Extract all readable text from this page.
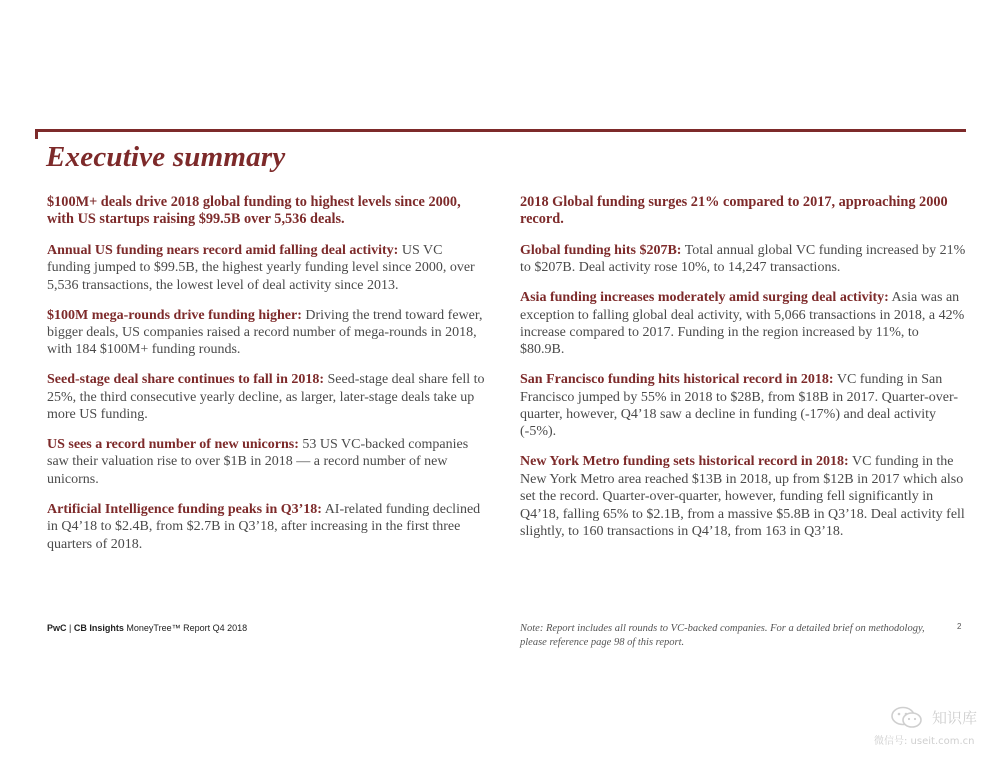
Executive summary

$100M+ deals drive 2018 global funding to highest levels since 2000, with US startups raising $99.5B over 5,536 deals.

Annual US funding nears record amid falling deal activity: US VC funding jumped to $99.5B, the highest yearly funding level since 2000, over 5,536 transactions, the lowest level of deal activity since 2013.

$100M mega-rounds drive funding higher: Driving the trend toward fewer, bigger deals, US companies raised a record number of mega-rounds in 2018, with 184 $100M+ funding rounds.

Seed-stage deal share continues to fall in 2018: Seed-stage deal share fell to 25%, the third consecutive yearly decline, as larger, later-stage deals take up more US funding.

US sees a record number of new unicorns: 53 US VC-backed companies saw their valuation rise to over $1B in 2018 — a record number of new unicorns.

Artificial Intelligence funding peaks in Q3’18: AI-related funding declined in Q4’18 to $2.4B, from $2.7B in Q3’18, after increasing in the first three quarters of 2018.

2018 Global funding surges 21% compared to 2017, approaching 2000 record.

Global funding hits $207B: Total annual global VC funding increased by 21% to $207B. Deal activity rose 10%, to 14,247 transactions.

Asia funding increases moderately amid surging deal activity: Asia was an exception to falling global deal activity, with 5,066 transactions in 2018, a 42% increase compared to 2017. Funding in the region increased by 11%, to $80.9B.

San Francisco funding hits historical record in 2018: VC funding in San Francisco jumped by 55% in 2018 to $28B, from $18B in 2017. Quarter-over-quarter, however, Q4’18 saw a decline in funding (-17%) and deal activity (-5%).

New York Metro funding sets historical record in 2018: VC funding in the New York Metro area reached $13B in 2018, up from $12B in 2017 which also set the record. Quarter-over-quarter, however, funding fell significantly in Q4’18, falling 65% to $2.1B, from a massive $5.8B in Q3’18. Deal activity fell slightly, to 160 transactions in Q4’18, from 163 in Q3’18.

PwC | CB Insights MoneyTree™ Report Q4 2018	Note: Report includes all rounds to VC-backed companies. For a detailed brief on methodology, please reference page 98 of this report.
2
知识库
微信号: useit.com.cn
